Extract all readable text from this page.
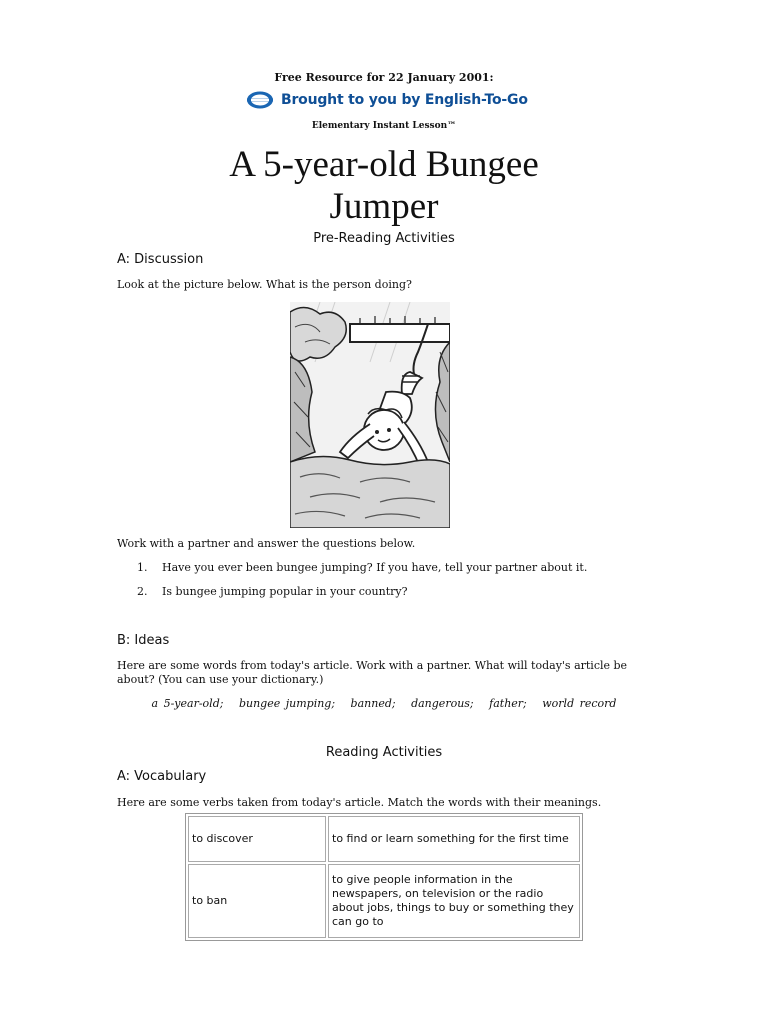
Free Resource for 22 January 2001:
Brought to you by English-To-Go
Elementary Instant Lesson™
A 5-year-old Bungee
Jumper
Pre-Reading Activities
A: Discussion
Look at the picture below. What is the person doing?
Work with a partner and answer the questions below.
1.	Have you ever been bungee jumping? If you have, tell your partner about it.
2.	Is bungee jumping popular in your country?
B: Ideas
Here are some words from today's article. Work with a partner. What will today's article be about? (You can use your dictionary.)
a 5-year-old; bungee jumping; banned; dangerous; father; world record
Reading Activities
A: Vocabulary
Here are some verbs taken from today's article. Match the words with their meanings.
to discover	to find or learn something for the first time
to ban	to give people information in the newspapers, on television or the radio about jobs, things to buy or something they can go to
